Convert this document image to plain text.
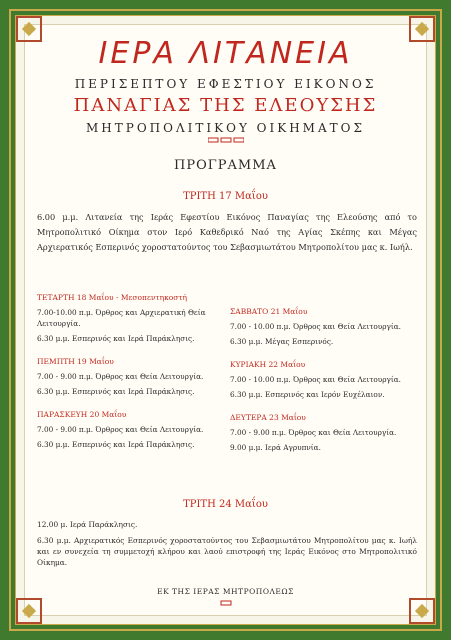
ΙΕΡΑ ΛΙΤΑΝΕΙΑ
ΠΕΡΙΣΕΠΤΟΥ ΕΦΕΣΤΙΟΥ ΕΙΚΟΝΟΣ
ΠΑΝΑΓΙΑΣ ΤΗΣ ΕΛΕΟΥΣΗΣ
ΜΗΤΡΟΠΟΛΙΤΙΚΟΥ ΟΙΚΗΜΑΤΟΣ
ΠΡΟΓΡΑΜΜΑ
ΤΡΙΤΗ 17 Μαΐου
6.00 μ.μ. Λιτανεία της Ιεράς Εφεστίου Εικόνος Παναγίας της Ελεούσης από το Μητροπολιτικό Οίκημα στον Ιερό Καθεδρικό Ναό της Αγίας Σκέπης και Μέγας Αρχιερατικός Εσπερινός χοροστατούντος του Σεβασμιωτάτου Μητροπολίτου μας κ. Ιωήλ.
ΤΕΤΑΡΤΗ 18 Μαΐου - Μεσοπεντηκοστή
7.00-10.00 π.μ. Όρθρος και Αρχιερατική Θεία Λειτουργία.
6.30 μ.μ. Εσπερινός και Ιερά Παράκλησις.
ΠΕΜΠΤΗ 19 Μαΐου
7.00 - 9.00 π.μ. Όρθρος και Θεία Λειτουργία.
6.30 μ.μ. Εσπερινός και Ιερά Παράκλησις.
ΠΑΡΑΣΚΕΥΗ 20 Μαΐου
7.00 - 9.00 π.μ. Όρθρος και Θεία Λειτουργία.
6.30 μ.μ. Εσπερινός και Ιερά Παράκλησις.
ΣΑΒΒΑΤΟ 21 Μαΐου
7.00 - 10.00 π.μ. Όρθρος και Θεία Λειτουργία.
6.30 μ.μ. Μέγας Εσπερινός.
ΚΥΡΙΑΚΗ 22 Μαΐου
7.00 - 10.00 π.μ. Όρθρος και Θεία Λειτουργία.
6.30 μ.μ. Εσπερινός και Ιερόν Ευχέλαιον.
ΔΕΥΤΕΡΑ 23 Μαΐου
7.00 - 9.00 π.μ. Όρθρος και Θεία Λειτουργία.
9.00 μ.μ. Ιερά Αγρυπνία.
ΤΡΙΤΗ 24 Μαΐου
12.00 μ. Ιερά Παράκλησις.
6.30 μ.μ. Αρχιερατικός Εσπερινός χοροστατούντος του Σεβασμιωτάτου Μητροπολίτου μας κ. Ιωήλ και εν συνεχεία τη συμμετοχή κλήρου και λαού επιστροφή της Ιεράς Εικόνος στο Μητροπολιτικό Οίκημα.
ΕΚ ΤΗΣ ΙΕΡΑΣ ΜΗΤΡΟΠΟΛΕΩΣ
